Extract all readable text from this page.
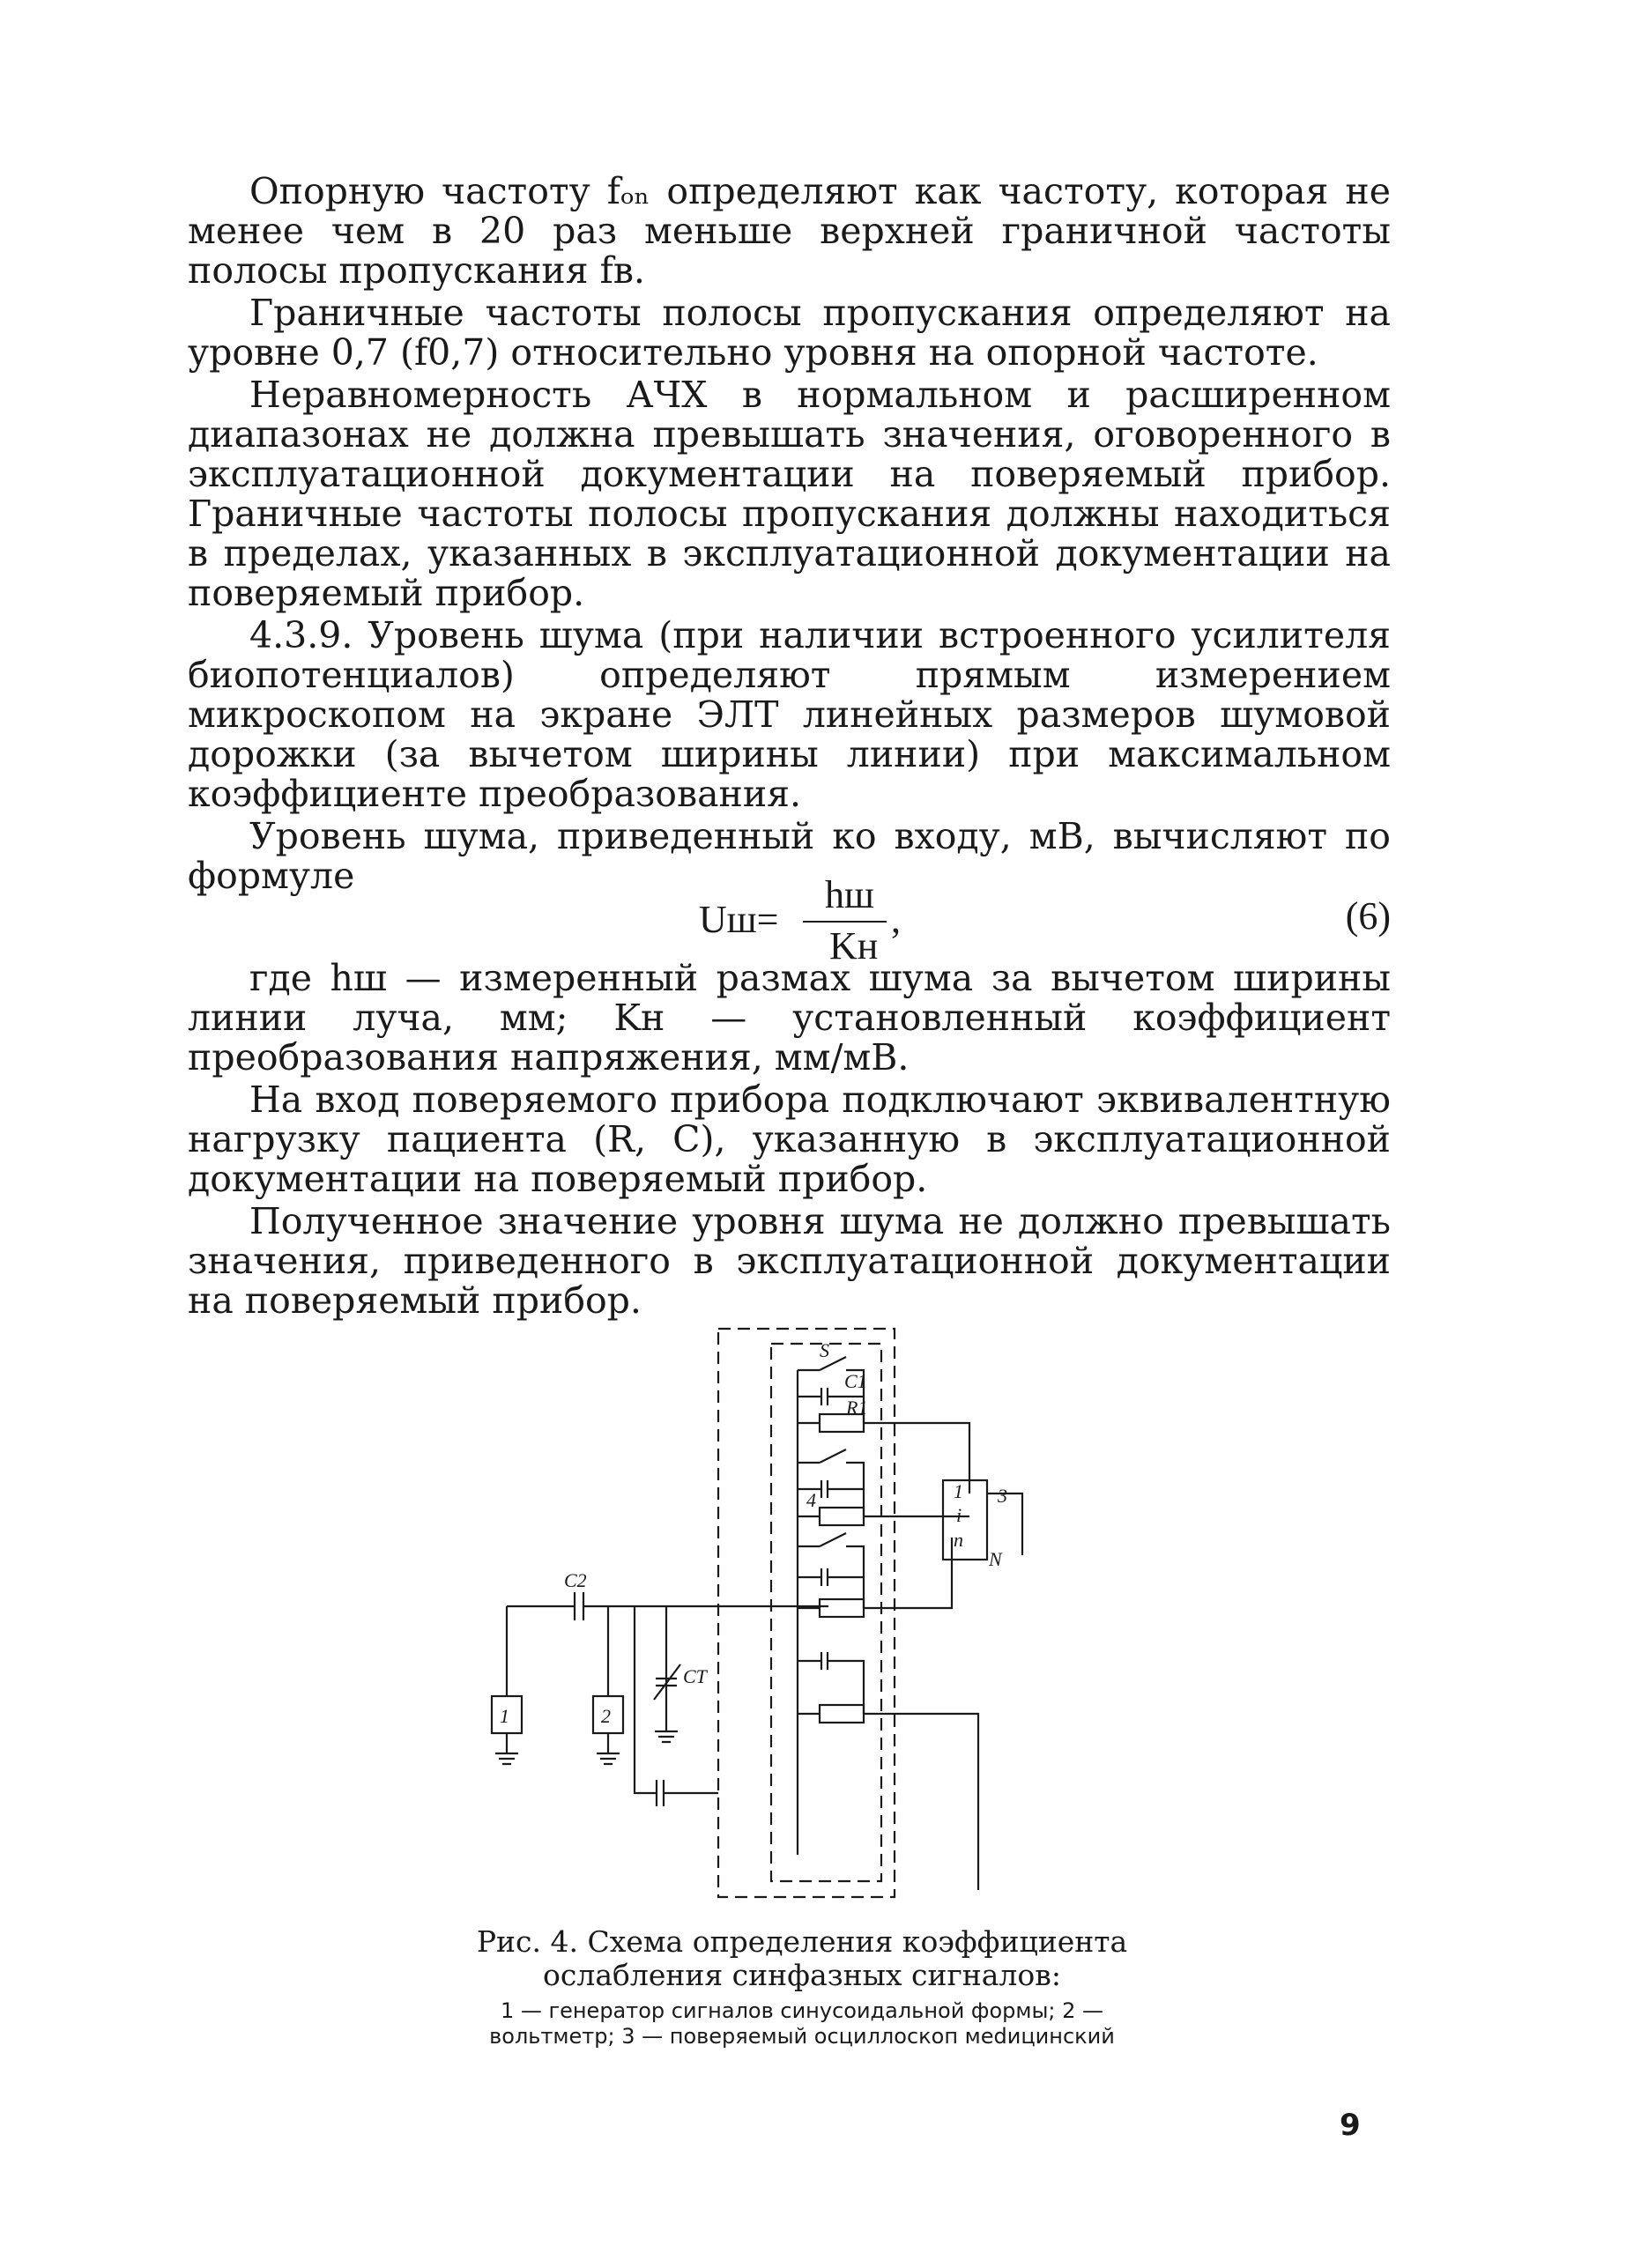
Опорную частоту fₒₙ определяют как частоту, которая не менее чем в 20 раз меньше верхней граничной частоты полосы пропускания fв.

Граничные частоты полосы пропускания определяют на уровне 0,7 (f0,7) относительно уровня на опорной частоте.

Неравномерность АЧХ в нормальном и расширенном диапазонах не должна превышать значения, оговоренного в эксплуатационной документации на поверяемый прибор. Граничные частоты полосы пропускания должны находиться в пределах, указанных в эксплуатационной документации на поверяемый прибор.

4.3.9. Уровень шума (при наличии встроенного усилителя биопотенциалов) определяют прямым измерением микроскопом на экране ЭЛТ линейных размеров шумовой дорожки (за вычетом ширины линии) при максимальном коэффициенте преобразования.

Уровень шума, приведенный ко входу, мВ, вычисляют по формуле

Uш=
hш
Kн
,	(6)

где hш — измеренный размах шума за вычетом ширины линии луча, мм; Kн — установленный коэффициент преобразования напряжения, мм/мВ.

На вход поверяемого прибора подключают эквивалентную нагрузку пациента (R, C), указанную в эксплуатационной документации на поверяемый прибор.

Полученное значение уровня шума не должно превышать значения, приведенного в эксплуатационной документации на поверяемый прибор.

1	2
3
C2
CT
S
C1
R1
4	1
i
n
N
Рис. 4. Схема определения коэффициента ослабления синфазных сигналов:
1 — генератор сигналов синусоидальной формы; 2 — вольтметр; 3 — поверяемый осциллоскоп меdицинский
9
